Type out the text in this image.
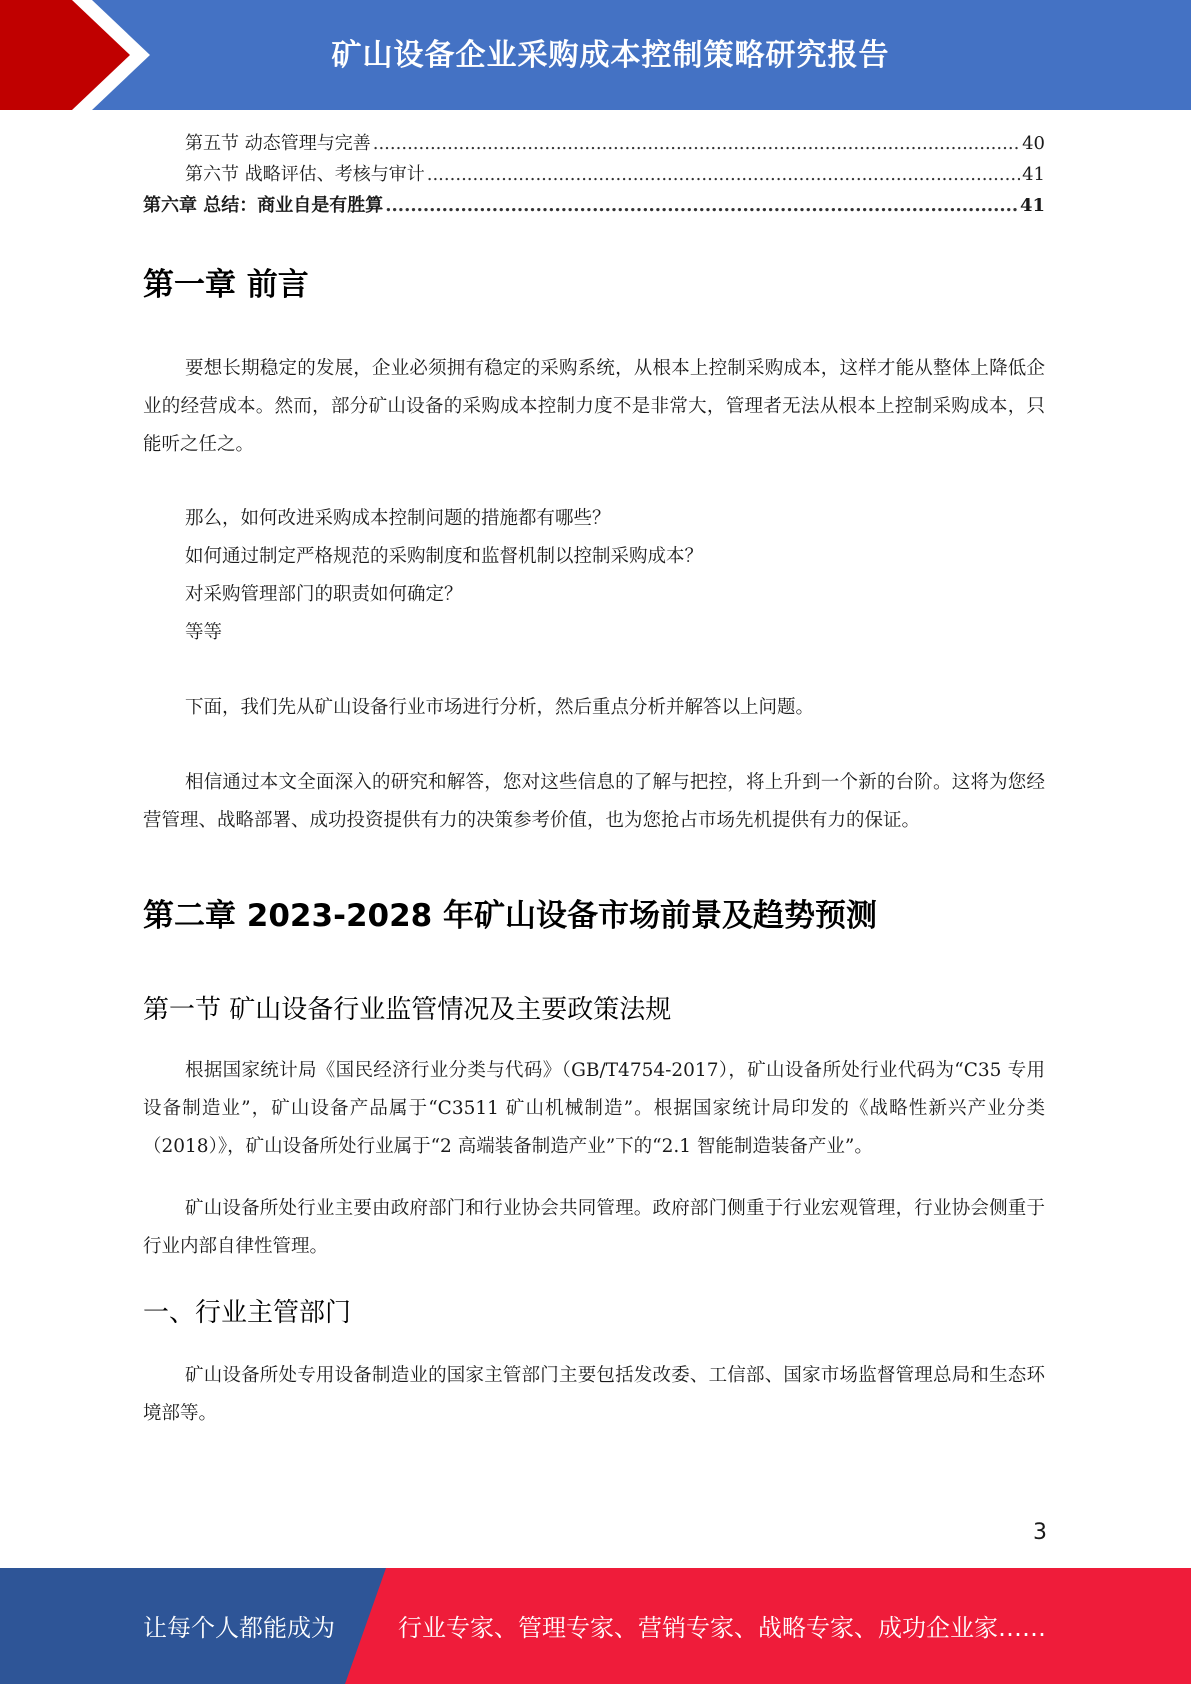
矿山设备企业采购成本控制策略研究报告
第五节 动态管理与完善 .....	40
第六节 战略评估、考核与审计 .....	41
第六章 总结：商业自是有胜算 .....	41
第一章 前言

要想长期稳定的发展，企业必须拥有稳定的采购系统，从根本上控制采购成本，这样才能从整体上降低企业的经营成本。然而，部分矿山设备的采购成本控制力度不是非常大，管理者无法从根本上控制采购成本，只能听之任之。

那么，如何改进采购成本控制问题的措施都有哪些？
如何通过制定严格规范的采购制度和监督机制以控制采购成本？
对采购管理部门的职责如何确定？
等等

下面，我们先从矿山设备行业市场进行分析，然后重点分析并解答以上问题。

相信通过本文全面深入的研究和解答，您对这些信息的了解与把控，将上升到一个新的台阶。这将为您经营管理、战略部署、成功投资提供有力的决策参考价值，也为您抢占市场先机提供有力的保证。

第二章 2023-2028 年矿山设备市场前景及趋势预测
第一节 矿山设备行业监管情况及主要政策法规

根据国家统计局《国民经济行业分类与代码》（GB/T4754-2017），矿山设备所处行业代码为“C35 专用设备制造业”，矿山设备产品属于“C3511 矿山机械制造”。根据国家统计局印发的《战略性新兴产业分类（2018）》，矿山设备所处行业属于“2 高端装备制造产业”下的“2.1 智能制造装备产业”。

矿山设备所处行业主要由政府部门和行业协会共同管理。政府部门侧重于行业宏观管理，行业协会侧重于行业内部自律性管理。

一、行业主管部门

矿山设备所处专用设备制造业的国家主管部门主要包括发改委、工信部、国家市场监督管理总局和生态环境部等。

3
让每个人都能成为	行业专家、管理专家、营销专家、战略专家、成功企业家……
